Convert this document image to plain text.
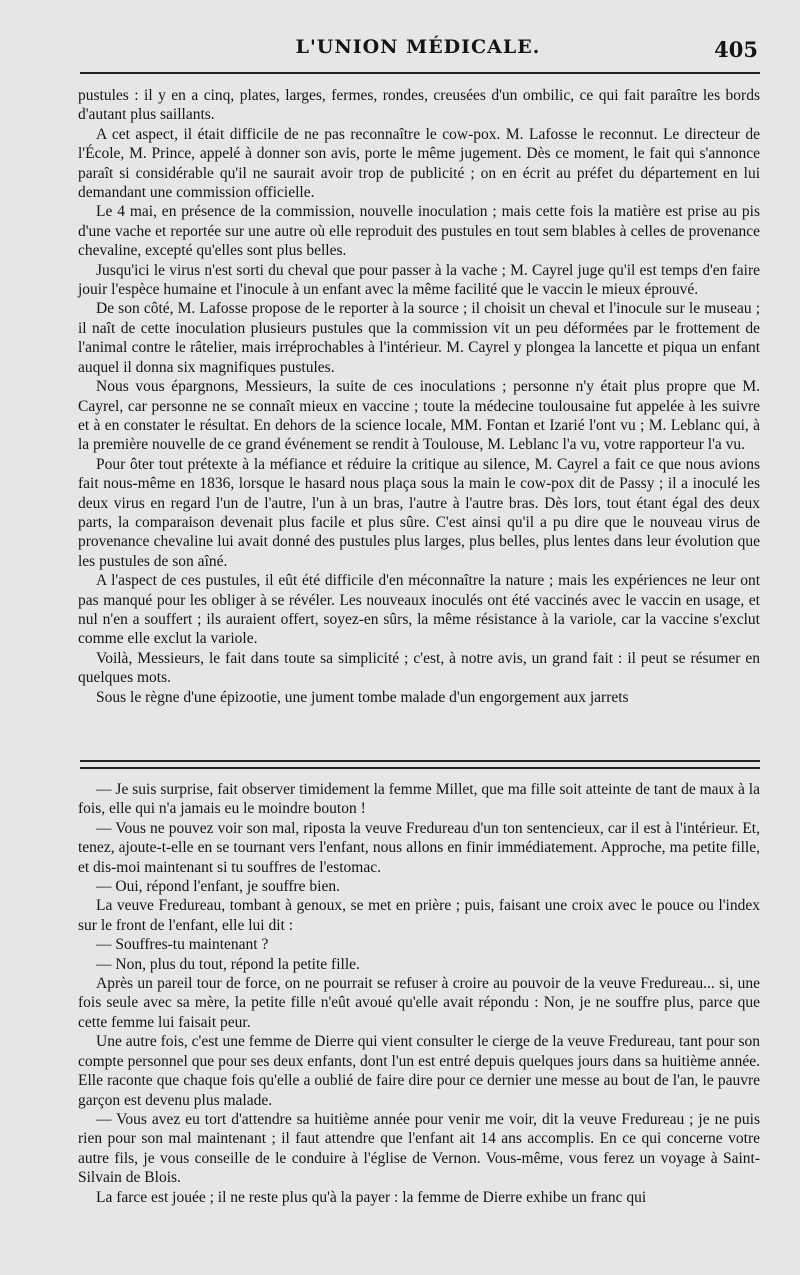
L'UNION MÉDICALE.	405

pustules : il y en a cinq, plates, larges, fermes, rondes, creusées d'un ombilic, ce qui fait paraître les bords d'autant plus saillants.

A cet aspect, il était difficile de ne pas reconnaître le cow-pox. M. Lafosse le reconnut. Le directeur de l'École, M. Prince, appelé à donner son avis, porte le même jugement. Dès ce moment, le fait qui s'annonce paraît si considérable qu'il ne saurait avoir trop de publicité ; on en écrit au préfet du département en lui demandant une commission officielle.

Le 4 mai, en présence de la commission, nouvelle inoculation ; mais cette fois la matière est prise au pis d'une vache et reportée sur une autre où elle reproduit des pustules en tout sem blables à celles de provenance chevaline, excepté qu'elles sont plus belles.

Jusqu'ici le virus n'est sorti du cheval que pour passer à la vache ; M. Cayrel juge qu'il est temps d'en faire jouir l'espèce humaine et l'inocule à un enfant avec la même facilité que le vaccin le mieux éprouvé.

De son côté, M. Lafosse propose de le reporter à la source ; il choisit un cheval et l'inocule sur le museau ; il naît de cette inoculation plusieurs pustules que la commission vit un peu déformées par le frottement de l'animal contre le râtelier, mais irréprochables à l'intérieur. M. Cayrel y plongea la lancette et piqua un enfant auquel il donna six magnifiques pustules.

Nous vous épargnons, Messieurs, la suite de ces inoculations ; personne n'y était plus propre que M. Cayrel, car personne ne se connaît mieux en vaccine ; toute la médecine toulousaine fut appelée à les suivre et à en constater le résultat. En dehors de la science locale, MM. Fontan et Izarié l'ont vu ; M. Leblanc qui, à la première nouvelle de ce grand événement se rendit à Toulouse, M. Leblanc l'a vu, votre rapporteur l'a vu.

Pour ôter tout prétexte à la méfiance et réduire la critique au silence, M. Cayrel a fait ce que nous avions fait nous-même en 1836, lorsque le hasard nous plaça sous la main le cow-pox dit de Passy ; il a inoculé les deux virus en regard l'un de l'autre, l'un à un bras, l'autre à l'autre bras. Dès lors, tout étant égal des deux parts, la comparaison devenait plus facile et plus sûre. C'est ainsi qu'il a pu dire que le nouveau virus de provenance chevaline lui avait donné des pustules plus larges, plus belles, plus lentes dans leur évolution que les pustules de son aîné.

A l'aspect de ces pustules, il eût été difficile d'en méconnaître la nature ; mais les expériences ne leur ont pas manqué pour les obliger à se révéler. Les nouveaux inoculés ont été vaccinés avec le vaccin en usage, et nul n'en a souffert ; ils auraient offert, soyez-en sûrs, la même résistance à la variole, car la vaccine s'exclut comme elle exclut la variole.

Voilà, Messieurs, le fait dans toute sa simplicité ; c'est, à notre avis, un grand fait : il peut se résumer en quelques mots.

Sous le règne d'une épizootie, une jument tombe malade d'un engorgement aux jarrets

— Je suis surprise, fait observer timidement la femme Millet, que ma fille soit atteinte de tant de maux à la fois, elle qui n'a jamais eu le moindre bouton !

— Vous ne pouvez voir son mal, riposta la veuve Fredureau d'un ton sentencieux, car il est à l'intérieur. Et, tenez, ajoute-t-elle en se tournant vers l'enfant, nous allons en finir immédiatement. Approche, ma petite fille, et dis-moi maintenant si tu souffres de l'estomac.

— Oui, répond l'enfant, je souffre bien.

La veuve Fredureau, tombant à genoux, se met en prière ; puis, faisant une croix avec le pouce ou l'index sur le front de l'enfant, elle lui dit :

— Souffres-tu maintenant ?

— Non, plus du tout, répond la petite fille.

Après un pareil tour de force, on ne pourrait se refuser à croire au pouvoir de la veuve Fredureau... si, une fois seule avec sa mère, la petite fille n'eût avoué qu'elle avait répondu : Non, je ne souffre plus, parce que cette femme lui faisait peur.

Une autre fois, c'est une femme de Dierre qui vient consulter le cierge de la veuve Fredureau, tant pour son compte personnel que pour ses deux enfants, dont l'un est entré depuis quelques jours dans sa huitième année. Elle raconte que chaque fois qu'elle a oublié de faire dire pour ce dernier une messe au bout de l'an, le pauvre garçon est devenu plus malade.

— Vous avez eu tort d'attendre sa huitième année pour venir me voir, dit la veuve Fredureau ; je ne puis rien pour son mal maintenant ; il faut attendre que l'enfant ait 14 ans accomplis. En ce qui concerne votre autre fils, je vous conseille de le conduire à l'église de Vernon. Vous-même, vous ferez un voyage à Saint-Silvain de Blois.

La farce est jouée ; il ne reste plus qu'à la payer : la femme de Dierre exhibe un franc qui
